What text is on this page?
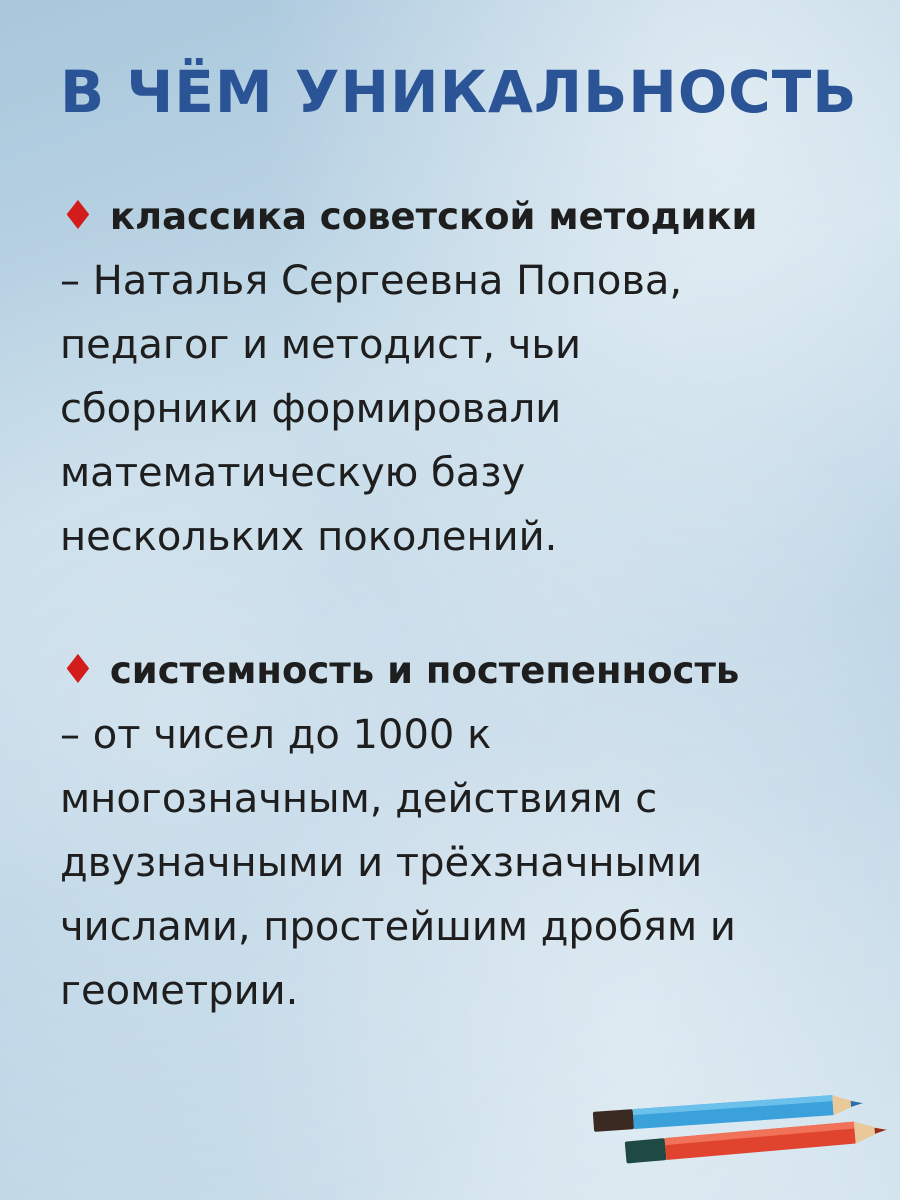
В ЧЁМ УНИКАЛЬНОСТЬ

♦ классика советской методики

– Наталья Сергеевна Попова,

педагог и методист, чьи

сборники формировали

математическую базу

нескольких поколений.

♦ системность и постепенность

– от чисел до 1000 к

многозначным, действиям с

двузначными и трёхзначными

числами, простейшим дробям и

геометрии.
